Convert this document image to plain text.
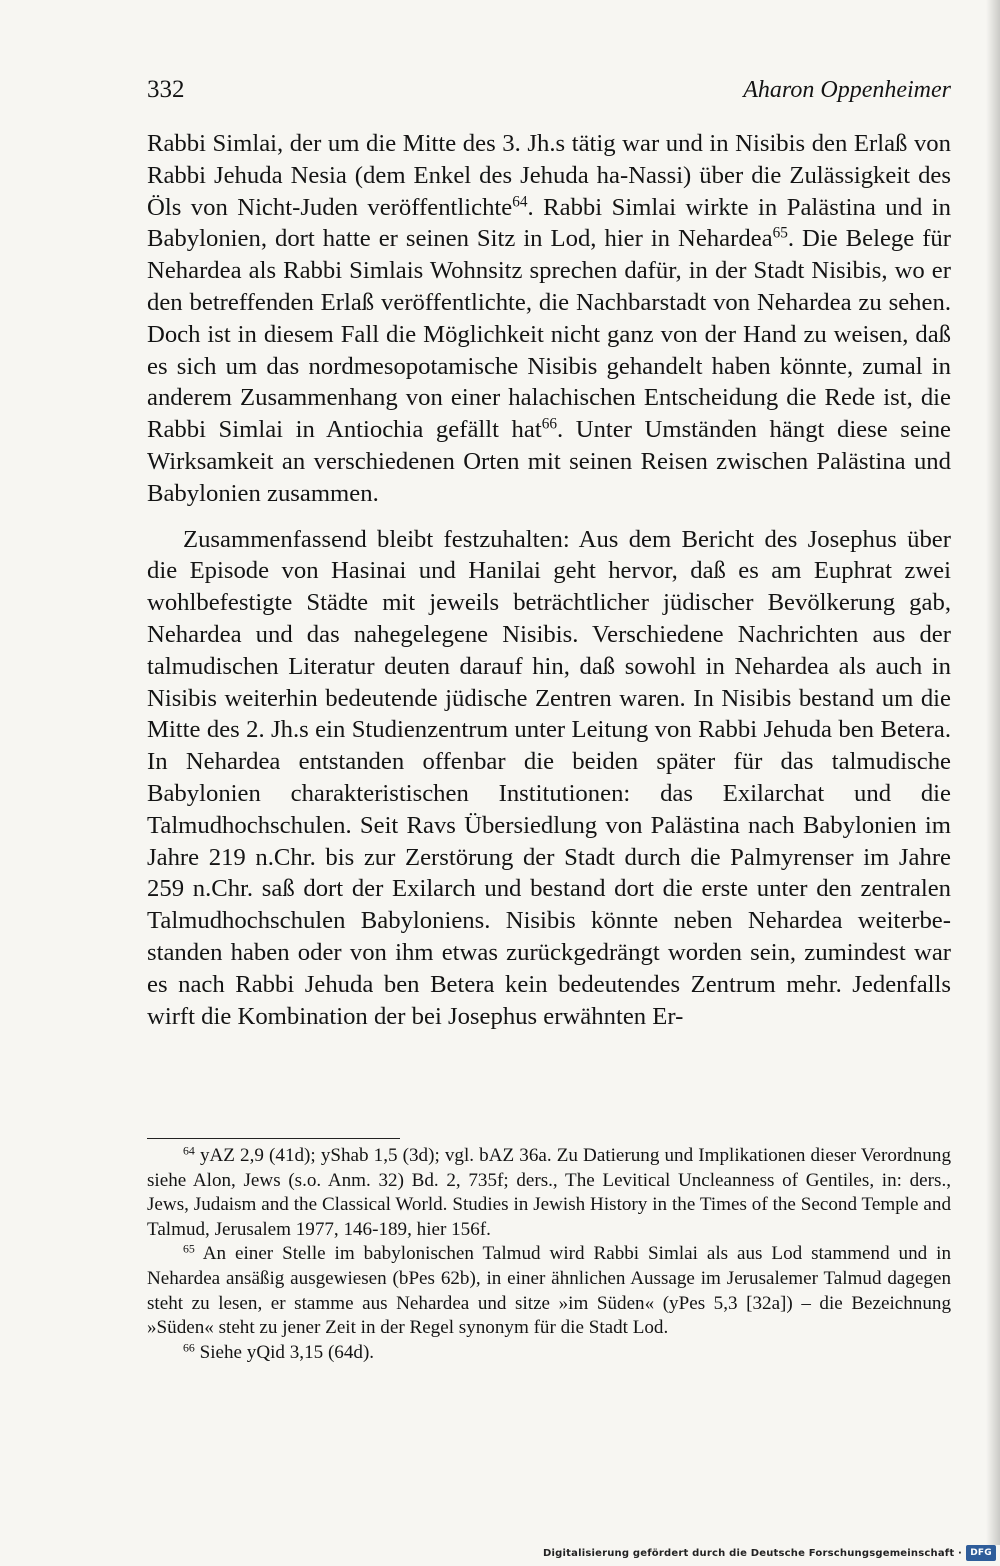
332	Aharon Oppenheimer

Rabbi Simlai, der um die Mitte des 3. Jh.s tätig war und in Nisibis den Erlaß von Rabbi Jehuda Nesia (dem Enkel des Jehuda ha-Nassi) über die Zulässigkeit des Öls von Nicht-Juden veröffentlichte$^{64}$. Rabbi Simlai wirkte in Palästina und in Babylonien, dort hatte er seinen Sitz in Lod, hier in Nehardea$^{65}$. Die Belege für Nehardea als Rabbi Simlais Wohnsitz sprechen dafür, in der Stadt Nisibis, wo er den betreffenden Erlaß veröffentlichte, die Nachbarstadt von Nehardea zu sehen. Doch ist in diesem Fall die Möglichkeit nicht ganz von der Hand zu weisen, daß es sich um das nordmesopotamische Nisibis gehandelt haben könnte, zumal in anderem Zusammenhang von einer halachischen Entscheidung die Rede ist, die Rabbi Simlai in Antiochia gefällt hat$^{66}$. Unter Umständen hängt diese seine Wirksamkeit an verschiedenen Orten mit seinen Reisen zwischen Palästina und Babylonien zusammen.

Zusammenfassend bleibt festzuhalten: Aus dem Bericht des Josephus über die Episode von Hasinai und Hanilai geht hervor, daß es am Euphrat zwei wohlbefestigte Städte mit jeweils beträchtlicher jüdischer Bevölkerung gab, Nehardea und das nahegelegene Nisibis. Verschiedene Nachrichten aus der talmudischen Literatur deuten darauf hin, daß sowohl in Nehardea als auch in Nisibis weiterhin bedeutende jüdische Zentren waren. In Nisibis bestand um die Mitte des 2. Jh.s ein Studienzentrum unter Leitung von Rabbi Jehuda ben Betera. In Nehardea entstanden offenbar die beiden später für das talmudische Babylonien charakteristischen Institutionen: das Exilarchat und die Talmudhochschulen. Seit Ravs Übersiedlung von Palästina nach Babylonien im Jahre 219 n.Chr. bis zur Zerstörung der Stadt durch die Palmyrenser im Jahre 259 n.Chr. saß dort der Exilarch und bestand dort die erste unter den zentralen Talmudhochschulen Babyloniens. Nisibis könnte neben Nehardea weiterbestanden haben oder von ihm etwas zurückgedrängt worden sein, zumindest war es nach Rabbi Jehuda ben Betera kein bedeutendes Zentrum mehr. Jedenfalls wirft die Kombination der bei Josephus erwähnten Er-

$^{64}$ yAZ 2,9 (41d); yShab 1,5 (3d); vgl. bAZ 36a. Zu Datierung und Implikationen dieser Verordnung siehe Alon, Jews (s.o. Anm. 32) Bd. 2, 735f; ders., The Levitical Uncleanness of Gentiles, in: ders., Jews, Judaism and the Classical World. Studies in Jewish History in the Times of the Second Temple and Talmud, Jerusalem 1977, 146-189, hier 156f.

$^{65}$ An einer Stelle im babylonischen Talmud wird Rabbi Simlai als aus Lod stammend und in Nehardea ansäßig ausgewiesen (bPes 62b), in einer ähnlichen Aussage im Jerusalemer Talmud dagegen steht zu lesen, er stamme aus Nehardea und sitze »im Süden« (yPes 5,3 [32a]) – die Bezeichnung »Süden« steht zu jener Zeit in der Regel synonym für die Stadt Lod.

$^{66}$ Siehe yQid 3,15 (64d).

Digitalisierung gefördert durch die Deutsche Forschungsgemeinschaft · DFG
